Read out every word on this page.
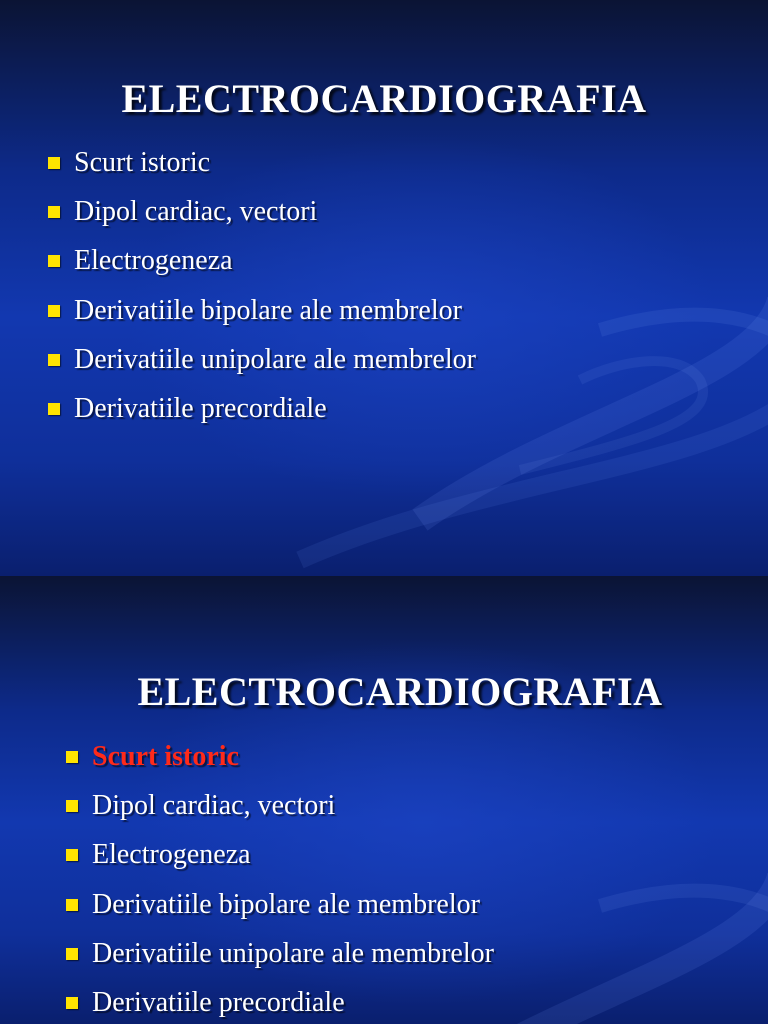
ELECTROCARDIOGRAFIA
Scurt istoric
Dipol cardiac, vectori
Electrogeneza
Derivatiile bipolare ale membrelor
Derivatiile unipolare ale membrelor
Derivatiile precordiale
ELECTROCARDIOGRAFIA
Scurt istoric
Dipol cardiac, vectori
Electrogeneza
Derivatiile bipolare ale membrelor
Derivatiile unipolare ale membrelor
Derivatiile precordiale
